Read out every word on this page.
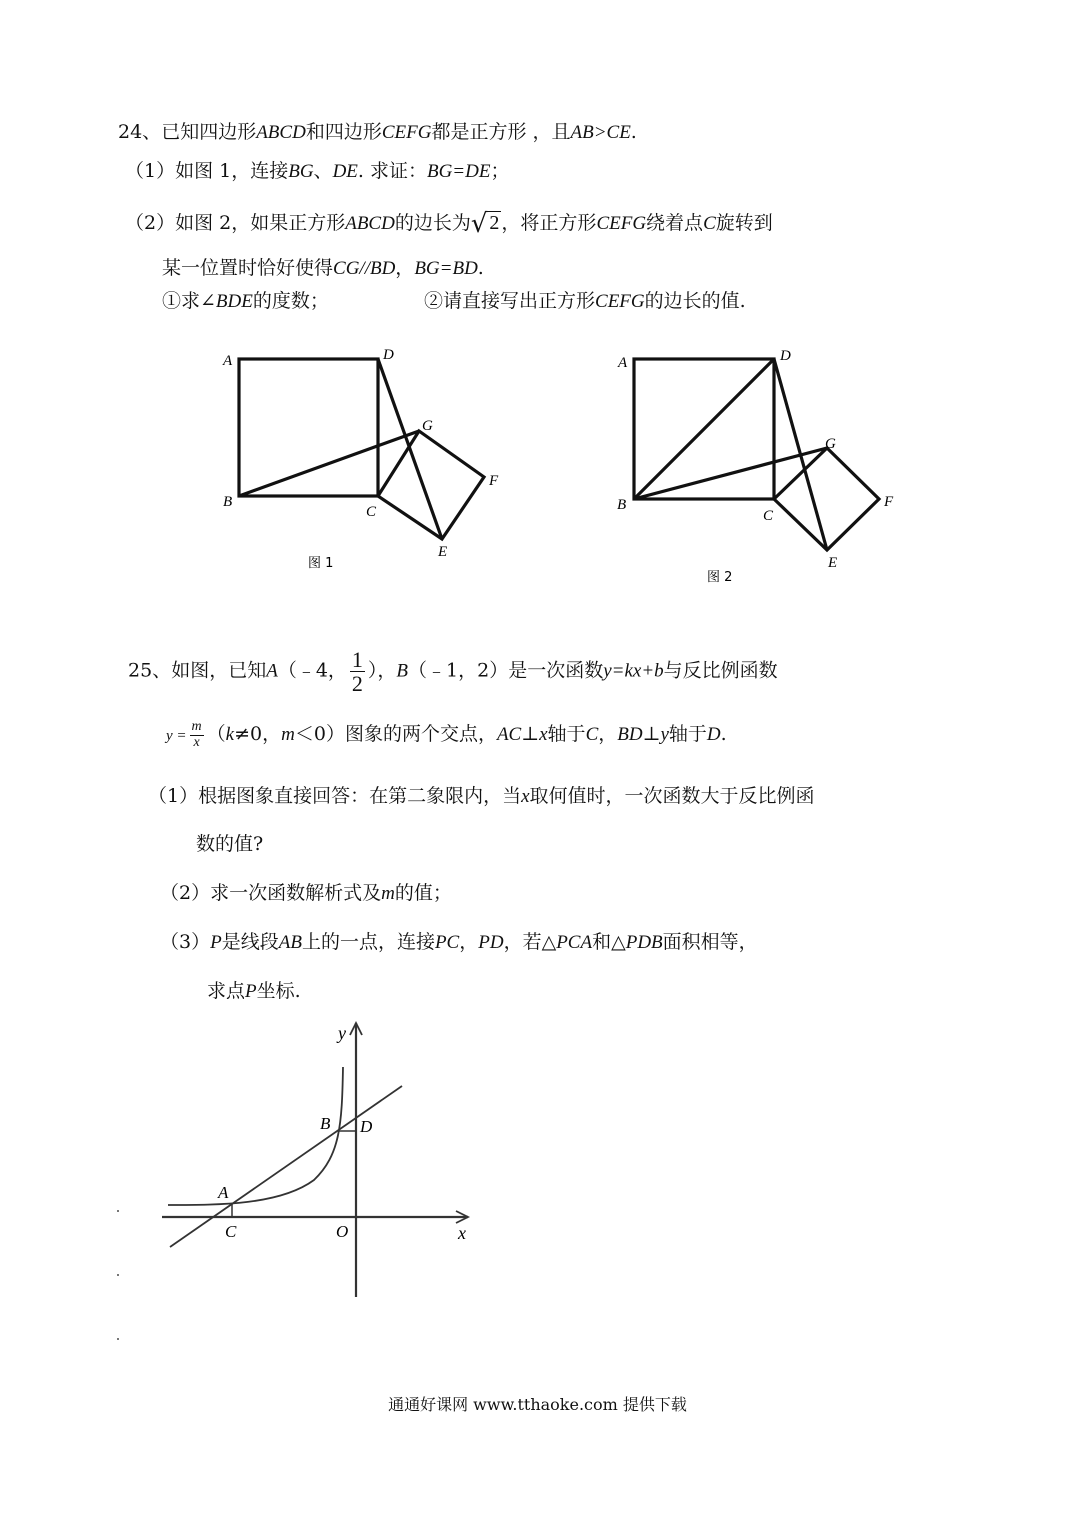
24、已知四边形ABCD和四边形CEFG都是正方形 ，且AB>CE.
（1）如图 1，连接BG、DE. 求证：BG=DE；
（2）如图 2，如果正方形ABCD的边长为√ 2 ，将正方形CEFG绕着点C旋转到
某一位置时恰好使得CG//BD，BG=BD.
①求∠BDE的度数；	②请直接写出正方形CEFG的边长的值.
A	D
G
F
B
C
E
图 1
A	D
G
F
B
C
E
图 2
25、如图，已知A（﹣4， $\frac{1}{2}$ ），B（﹣1，2）是一次函数y=kx+b与反比例函数
$y = \frac{m}{x} (k\ne 0$，m＜0）图象的两个交点，AC⊥x轴于C，BD⊥y轴于D.
（1）根据图象直接回答：在第二象限内，当x取何值时，一次函数大于反比例函
数的值?
（2）求一次函数解析式及m的值；
（3）P是线段AB上的一点，连接PC，PD，若△PCA和△PDB面积相等，
求点P坐标.
y
x
O
A
C
B D
通通好课网 www.tthaoke.com 提供下载
